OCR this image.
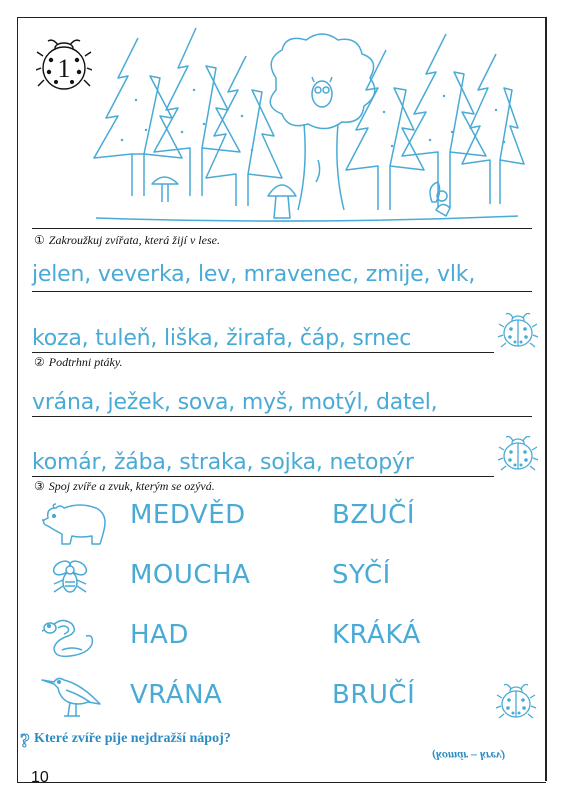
1
① Zakroužkuj zvířata, která žijí v lese.
jelen, veverka, lev, mravenec, zmije, vlk,
koza, tuleň, liška, žirafa, čáp, srnec
② Podtrhni ptáky.
vrána, ježek, sova, myš, motýl, datel,
komár, žába, straka, sojka, netopýr
③ Spoj zvíře a zvuk, kterým se ozývá.
MEDVĚD	BZUČÍ
MOUCHA	SYČÍ
HAD	KRÁKÁ
VRÁNA	BRUČÍ
? Které zvíře pije nejdražší nápoj?
(komár – krev)
10
